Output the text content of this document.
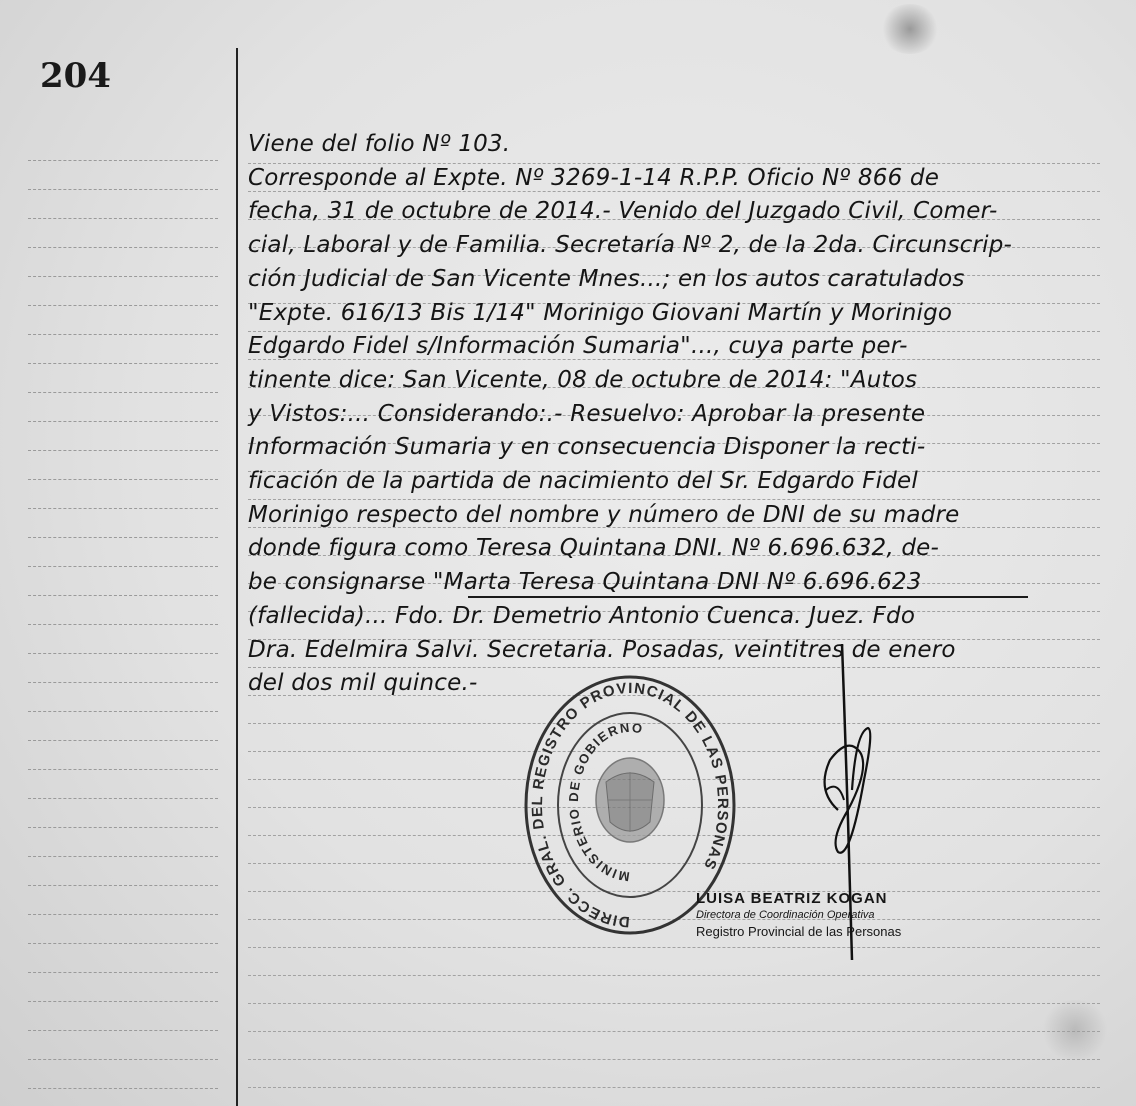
204
Viene del folio Nº 103.
Corresponde al Expte. Nº 3269-1-14 R.P.P. Oficio Nº 866 de
fecha, 31 de octubre de 2014.- Venido del Juzgado Civil, Comer-
cial, Laboral y de Familia. Secretaría Nº 2, de la 2da. Circunscrip-
ción Judicial de San Vicente Mnes...; en los autos caratulados
"Expte. 616/13 Bis 1/14" Morinigo Giovani Martín y Morinigo
Edgardo Fidel s/Información Sumaria"..., cuya parte per-
tinente dice: San Vicente, 08 de octubre de 2014: "Autos
y Vistos:... Considerando:.- Resuelvo: Aprobar la presente
Información Sumaria y en consecuencia Disponer la recti-
ficación de la partida de nacimiento del Sr. Edgardo Fidel
Morinigo respecto del nombre y número de DNI de su madre
donde figura como Teresa Quintana DNI. Nº 6.696.632, de-
be consignarse "Marta Teresa Quintana DNI Nº 6.696.623
(fallecida)... Fdo. Dr. Demetrio Antonio Cuenca. Juez. Fdo
Dra. Edelmira Salvi. Secretaria. Posadas, veintitres de enero
del dos mil quince.-
DIRECC. GRAL. DEL REGISTRO PROVINCIAL DE LAS PERSONAS
MINISTERIO DE GOBIERNO
LUISA BEATRIZ KOGAN
Directora de Coordinación Operativa
Registro Provincial de las Personas
